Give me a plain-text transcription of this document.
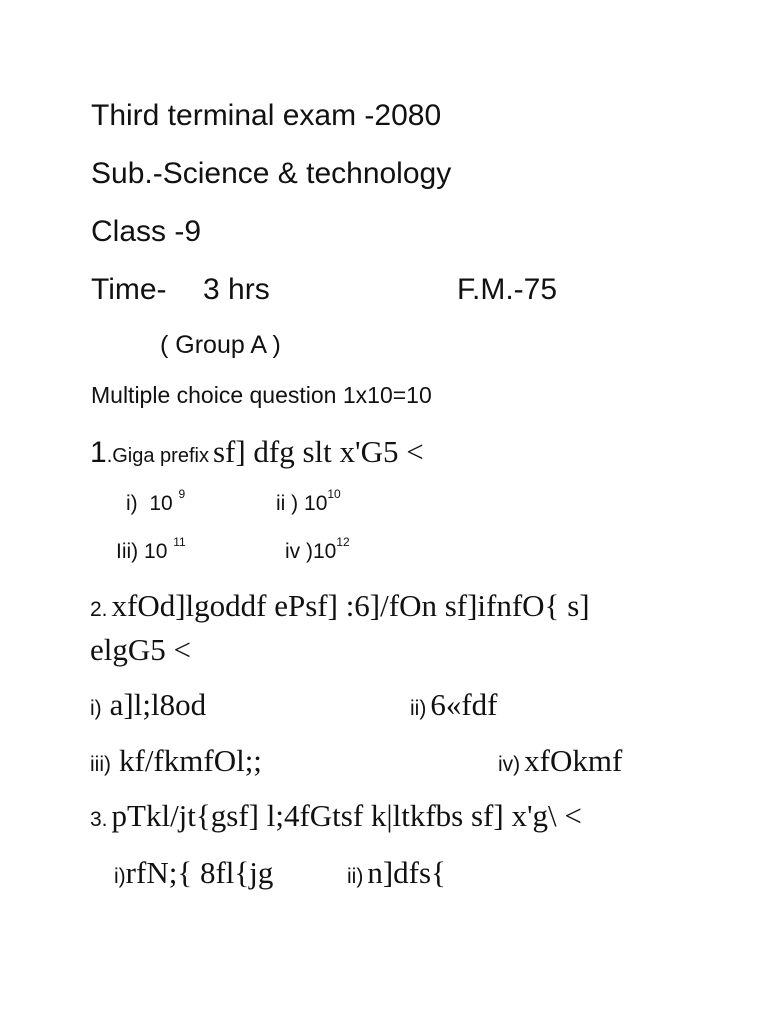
Third terminal exam -2080
Sub.-Science & technology
Class -9
Time- 3 hrs	F.M.-75
( Group A )
Multiple choice question 1x10=10
1.Giga prefix sf] dfg slt x'G5 <
i) 10 $^9$	ii ) $10^{10}$
Iii) 10 $^{11}$	iv )$10^{12}$
2. xfOd]lgoddf ePsf] :6]/fOn sf]ifnfO{ s]
elgG5 <
i) a]l;l8od	ii) 6«fdf
iii) kf/fkmfOl;;	iv) xfOkmf
3. pTkl/jt{gsf] l;4fGtsf k|ltkfbs sf] x'g\ <
i)rfN;{ 8fl{jg	ii) n]dfs{
